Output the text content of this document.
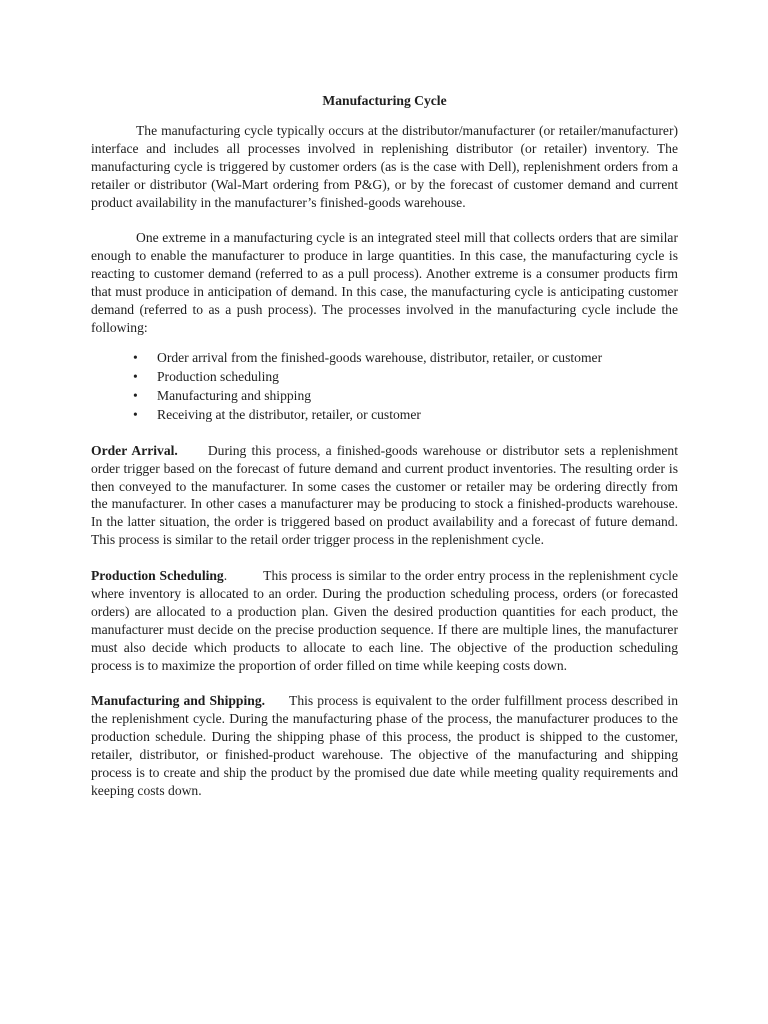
Manufacturing Cycle

The manufacturing cycle typically occurs at the distributor/manufacturer (or retailer/manufacturer) interface and includes all processes involved in replenishing distributor (or retailer) inventory. The manufacturing cycle is triggered by customer orders (as is the case with Dell), replenishment orders from a retailer or distributor (Wal-Mart ordering from P&G), or by the forecast of customer demand and current product availability in the manufacturer’s finished-goods warehouse.

One extreme in a manufacturing cycle is an integrated steel mill that collects orders that are similar enough to enable the manufacturer to produce in large quantities. In this case, the manufacturing cycle is reacting to customer demand (referred to as a pull process). Another extreme is a consumer products firm that must produce in anticipation of demand. In this case, the manufacturing cycle is anticipating customer demand (referred to as a push process). The processes involved in the manufacturing cycle include the following:

• Order arrival from the finished-goods warehouse, distributor, retailer, or customer
• Production scheduling
• Manufacturing and shipping
• Receiving at the distributor, retailer, or customer

Order Arrival. During this process, a finished-goods warehouse or distributor sets a replenishment order trigger based on the forecast of future demand and current product inventories. The resulting order is then conveyed to the manufacturer. In some cases the customer or retailer may be ordering directly from the manufacturer. In other cases a manufacturer may be producing to stock a finished-products warehouse. In the latter situation, the order is triggered based on product availability and a forecast of future demand. This process is similar to the retail order trigger process in the replenishment cycle.

Production Scheduling.	This process is similar to the order entry process in the replenishment cycle where inventory is allocated to an order. During the production scheduling process, orders (or forecasted orders) are allocated to a production plan. Given the desired production quantities for each product, the manufacturer must decide on the precise production sequence. If there are multiple lines, the manufacturer must also decide which products to allocate to each line. The objective of the production scheduling process is to maximize the proportion of order filled on time while keeping costs down.

Manufacturing and Shipping. This process is equivalent to the order fulfillment process described in the replenishment cycle. During the manufacturing phase of the process, the manufacturer produces to the production schedule. During the shipping phase of this process, the product is shipped to the customer, retailer, distributor, or finished-product warehouse. The objective of the manufacturing and shipping process is to create and ship the product by the promised due date while meeting quality requirements and keeping costs down.
